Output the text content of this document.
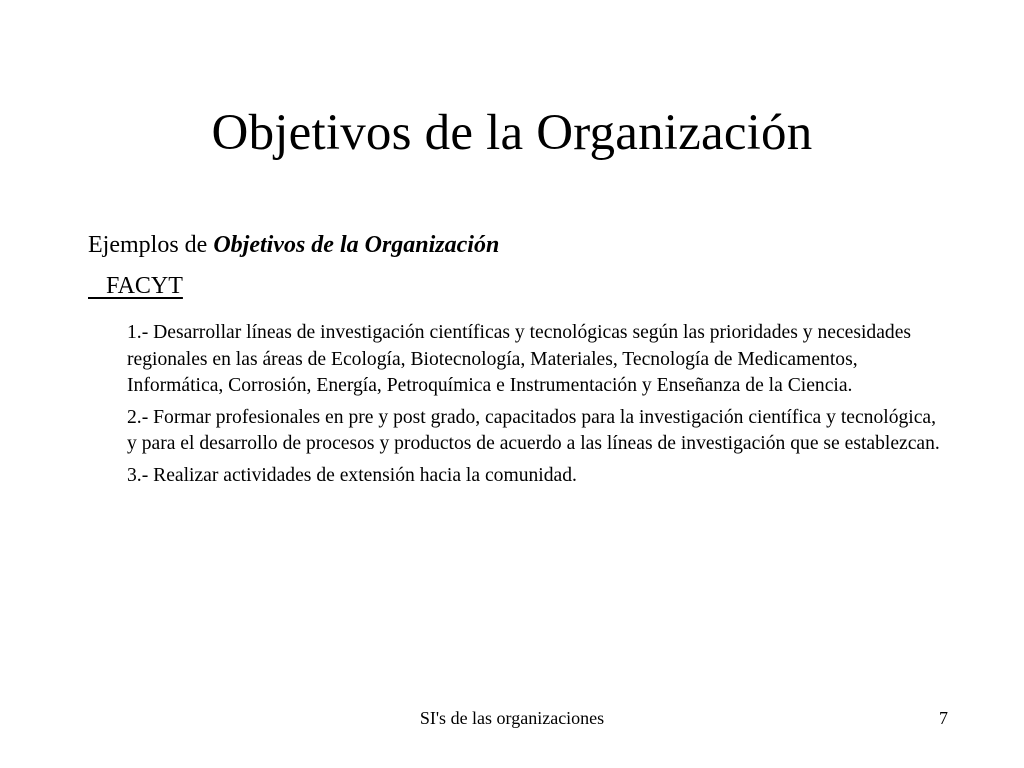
Objetivos de la Organización
Ejemplos de Objetivos de la Organización
FACYT

1.- Desarrollar líneas de investigación científicas y tecnológicas según las prioridades y necesidades regionales en las áreas de Ecología, Biotecnología, Materiales, Tecnología de Medicamentos, Informática, Corrosión, Energía, Petroquímica e Instrumentación y Enseñanza de la Ciencia.

2.- Formar profesionales en pre y post grado, capacitados para la investigación científica y tecnológica, y para el desarrollo de procesos y productos de acuerdo a las líneas de investigación que se establezcan.

3.- Realizar actividades de extensión hacia la comunidad.

SI's de las organizaciones	7
